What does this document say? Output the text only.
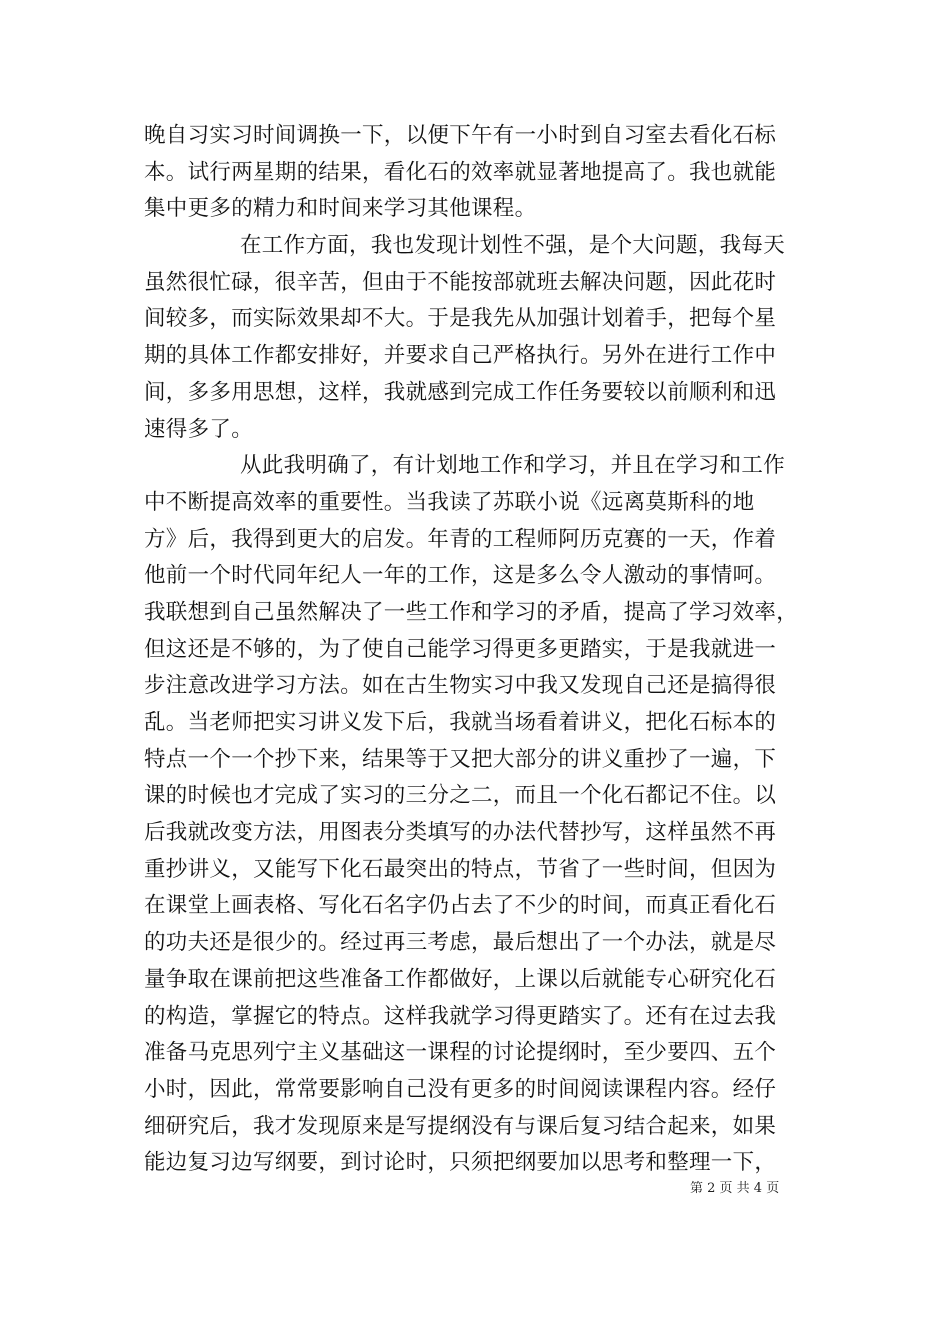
晚自习实习时间调换一下，以便下午有一小时到自习室去看化石标
本。试行两星期的结果，看化石的效率就显著地提高了。我也就能
集中更多的精力和时间来学习其他课程。
在工作方面，我也发现计划性不强，是个大问题，我每天
虽然很忙碌，很辛苦，但由于不能按部就班去解决问题，因此花时
间较多，而实际效果却不大。于是我先从加强计划着手，把每个星
期的具体工作都安排好，并要求自己严格执行。另外在进行工作中
间，多多用思想，这样，我就感到完成工作任务要较以前顺利和迅
速得多了。
从此我明确了，有计划地工作和学习，并且在学习和工作
中不断提高效率的重要性。当我读了苏联小说《远离莫斯科的地
方》后，我得到更大的启发。年青的工程师阿历克赛的一天，作着
他前一个时代同年纪人一年的工作，这是多么令人激动的事情呵。
我联想到自己虽然解决了一些工作和学习的矛盾，提高了学习效率，
但这还是不够的，为了使自己能学习得更多更踏实，于是我就进一
步注意改进学习方法。如在古生物实习中我又发现自己还是搞得很
乱。当老师把实习讲义发下后，我就当场看着讲义，把化石标本的
特点一个一个抄下来，结果等于又把大部分的讲义重抄了一遍，下
课的时候也才完成了实习的三分之二，而且一个化石都记不住。以
后我就改变方法，用图表分类填写的办法代替抄写，这样虽然不再
重抄讲义，又能写下化石最突出的特点，节省了一些时间，但因为
在课堂上画表格、写化石名字仍占去了不少的时间，而真正看化石
的功夫还是很少的。经过再三考虑，最后想出了一个办法，就是尽
量争取在课前把这些准备工作都做好，上课以后就能专心研究化石
的构造，掌握它的特点。这样我就学习得更踏实了。还有在过去我
准备马克思列宁主义基础这一课程的讨论提纲时，至少要四、五个
小时，因此，常常要影响自己没有更多的时间阅读课程内容。经仔
细研究后，我才发现原来是写提纲没有与课后复习结合起来，如果
能边复习边写纲要，到讨论时，只须把纲要加以思考和整理一下，
第 2 页 共 4 页
